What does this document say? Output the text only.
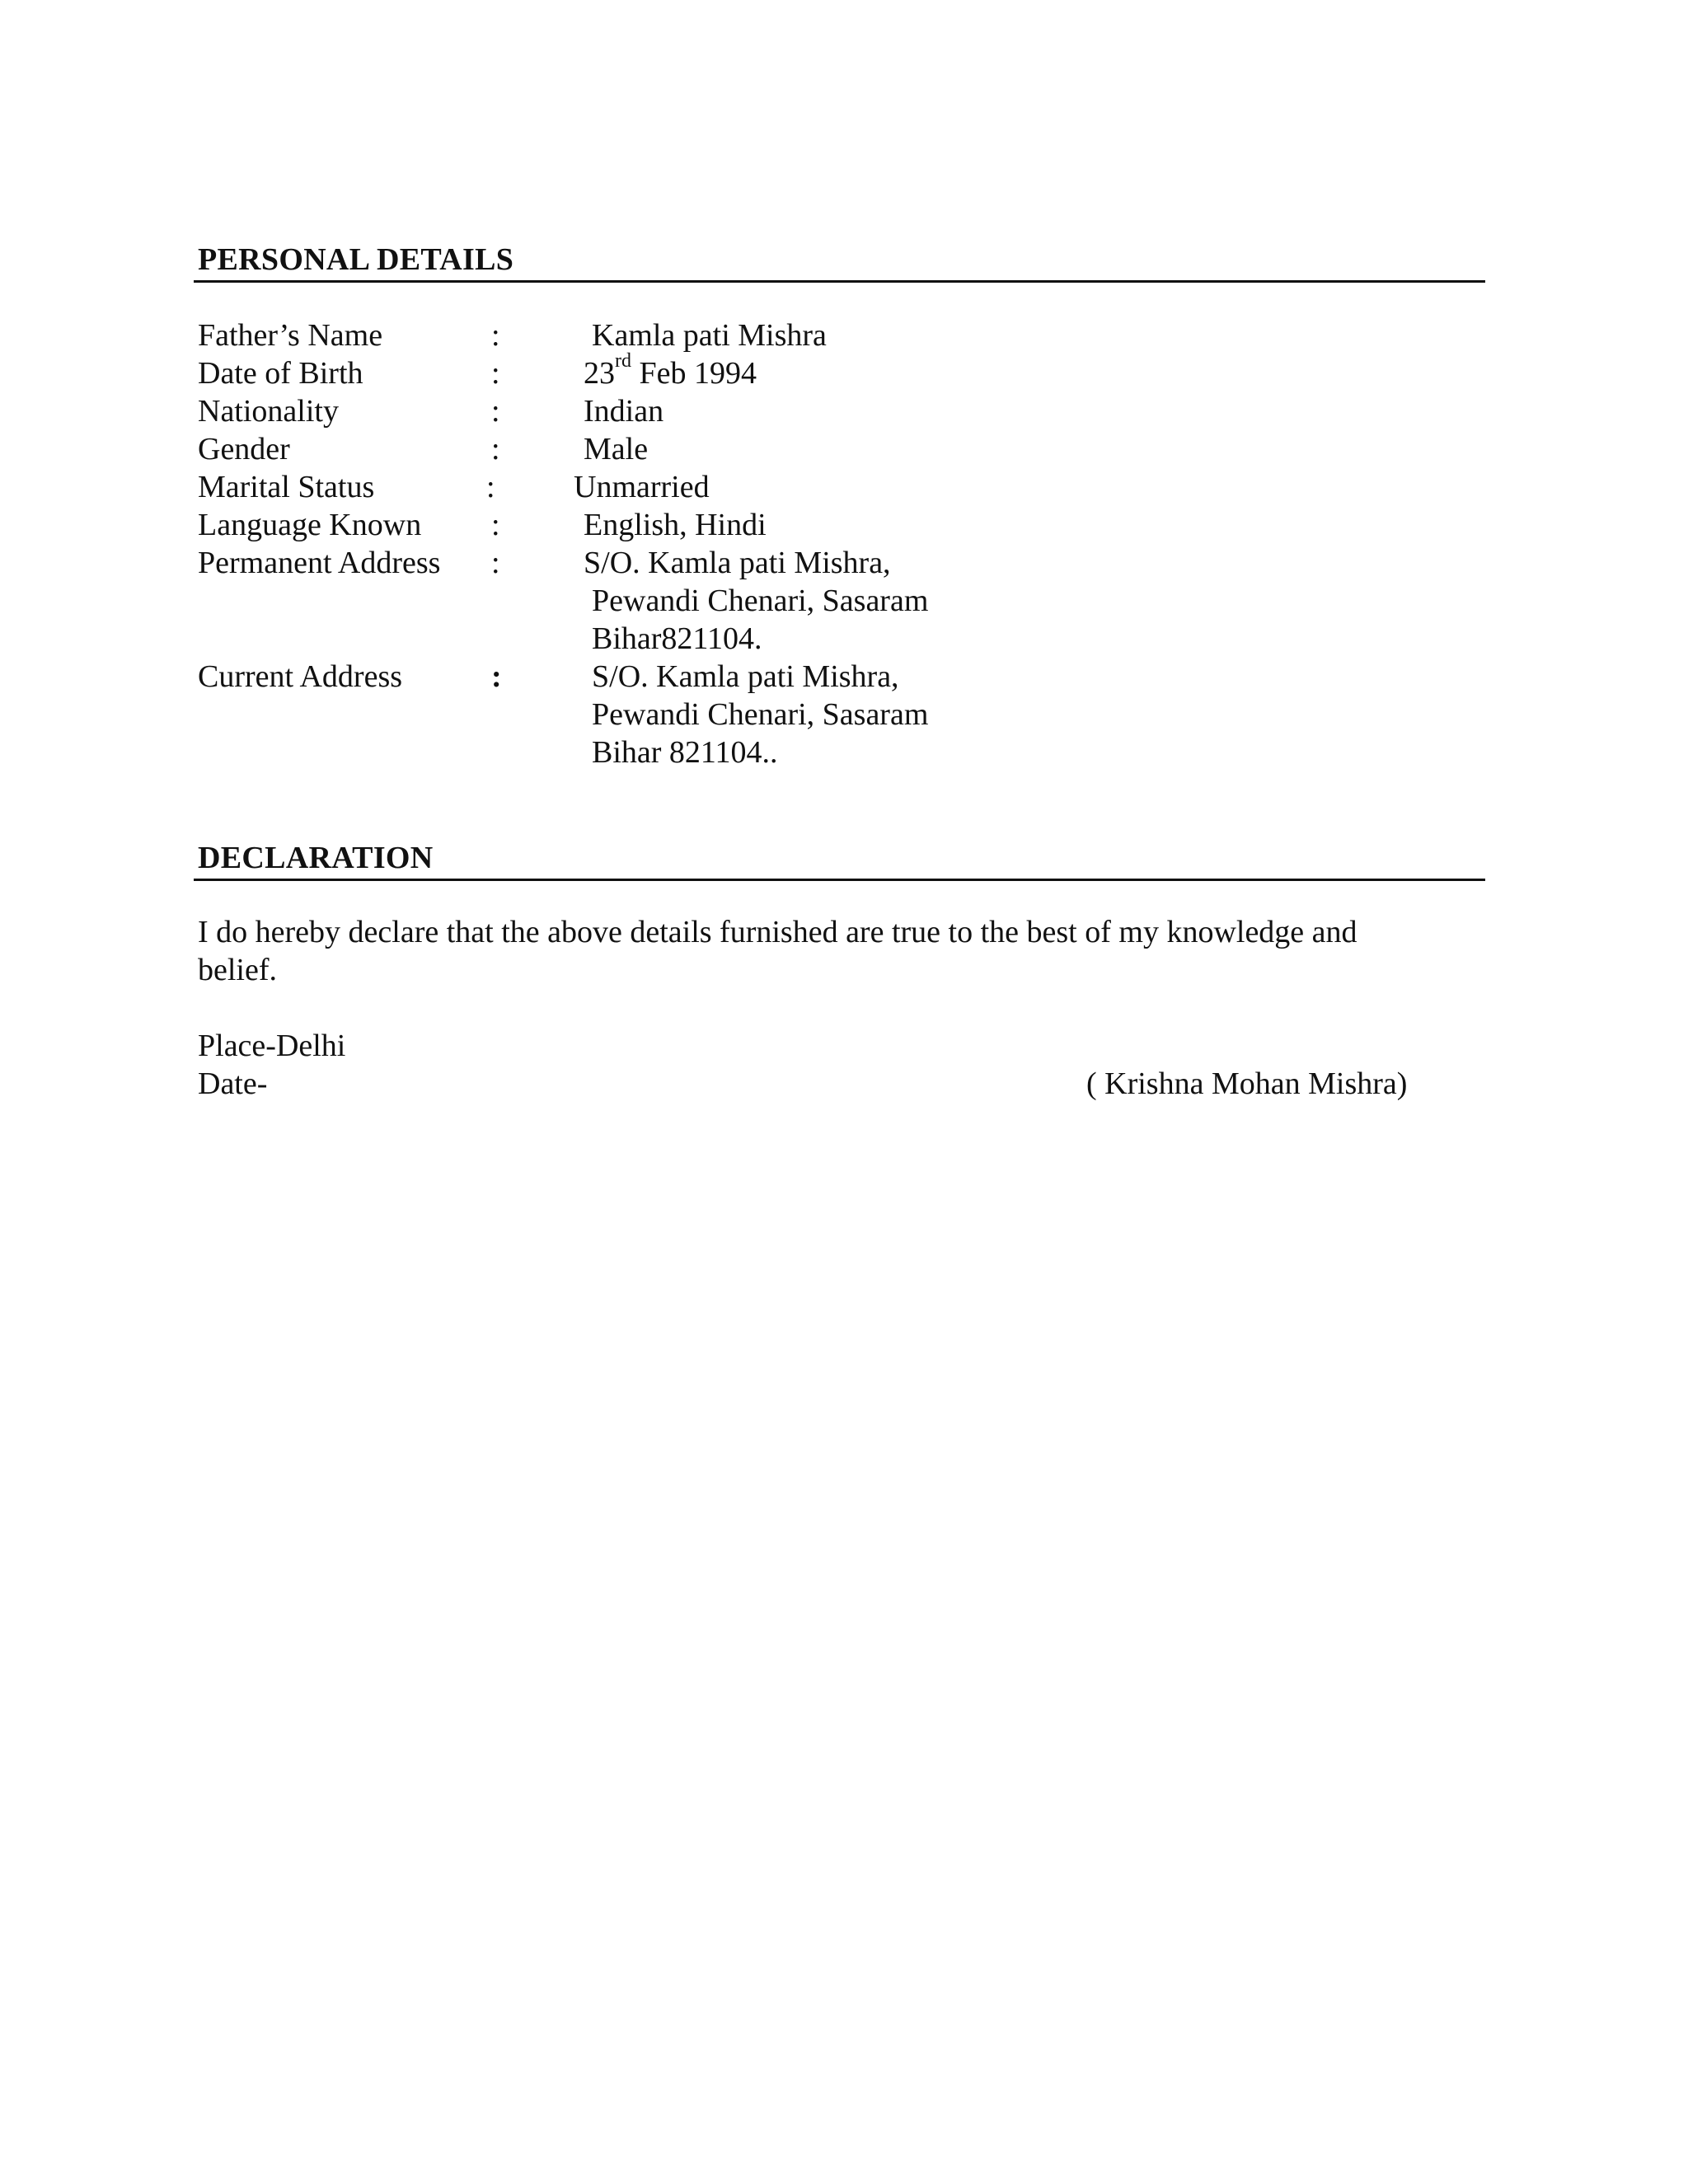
PERSONAL DETAILS
Father’s Name	:	Kamla pati Mishra
Date of Birth	:	23rd Feb 1994
Nationality	:	Indian
Gender	:	Male
Marital Status	:	Unmarried
Language Known :	English, Hindi
Permanent Address :	S/O. Kamla pati Mishra,
Pewandi Chenari, Sasaram
Bihar821104.
Current Address	:	S/O. Kamla pati Mishra,
Pewandi Chenari, Sasaram
Bihar 821104..
DECLARATION
I do hereby declare that the above details furnished are true to the best of my knowledge and
belief.
Place-Delhi
Date-	( Krishna Mohan Mishra)
